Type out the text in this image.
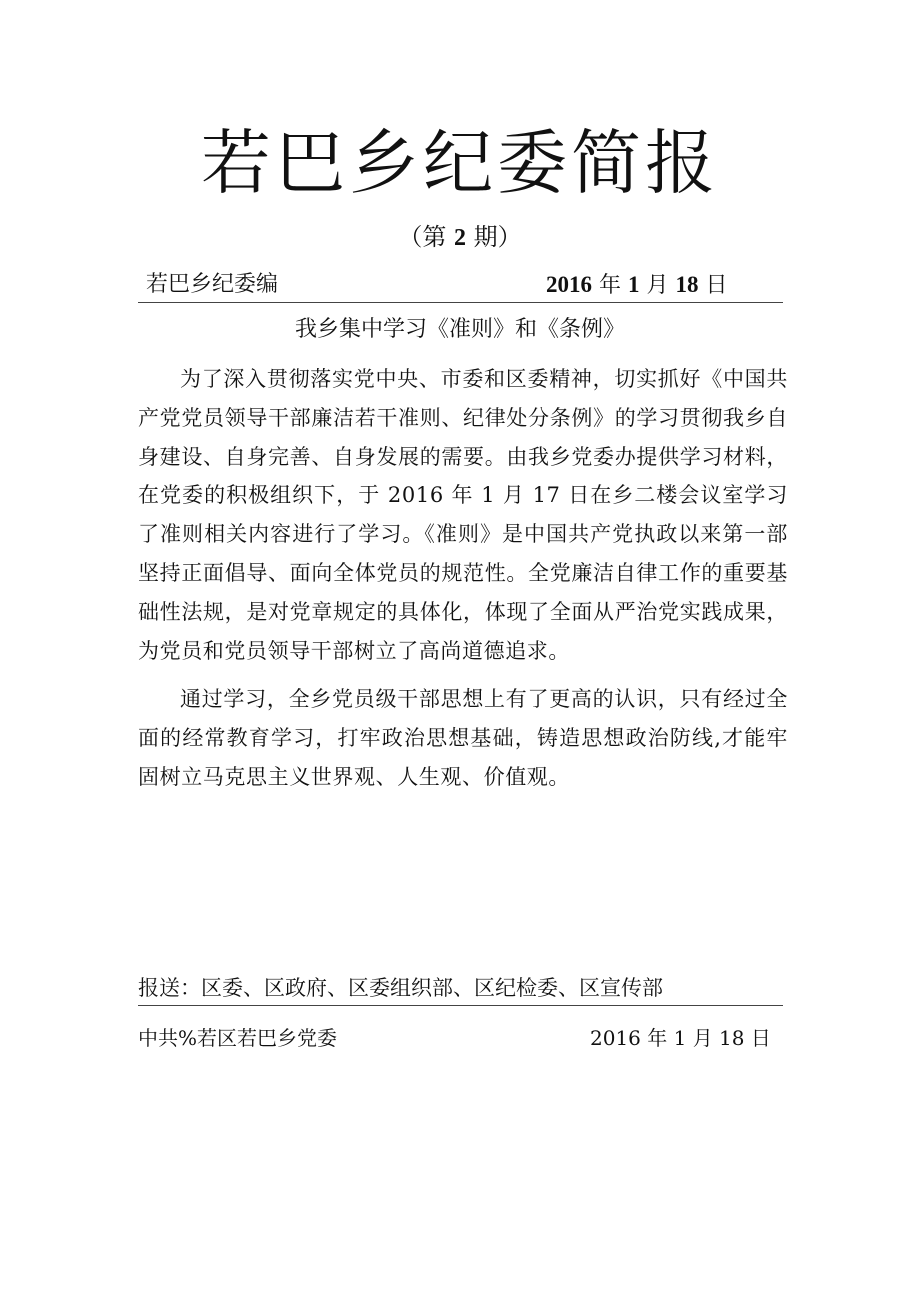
若巴乡纪委简报
（第 2 期）
若巴乡纪委编	2016 年 1 月 18 日
我乡集中学习《准则》和《条例》

为了深入贯彻落实党中央、市委和区委精神，切实抓好《中国共产党党员领导干部廉洁若干准则、纪律处分条例》的学习贯彻我乡自身建设、自身完善、自身发展的需要。由我乡党委办提供学习材料，在党委的积极组织下，于 2016 年 1 月 17 日在乡二楼会议室学习了准则相关内容进行了学习。《准则》是中国共产党执政以来第一部坚持正面倡导、面向全体党员的规范性。全党廉洁自律工作的重要基础性法规，是对党章规定的具体化，体现了全面从严治党实践成果，为党员和党员领导干部树立了高尚道德追求。

通过学习，全乡党员级干部思想上有了更高的认识，只有经过全面的经常教育学习，打牢政治思想基础，铸造思想政治防线,才能牢固树立马克思主义世界观、人生观、价值观。

报送：区委、区政府、区委组织部、区纪检委、区宣传部
中共%若区若巴乡党委	2016 年 1 月 18 日
